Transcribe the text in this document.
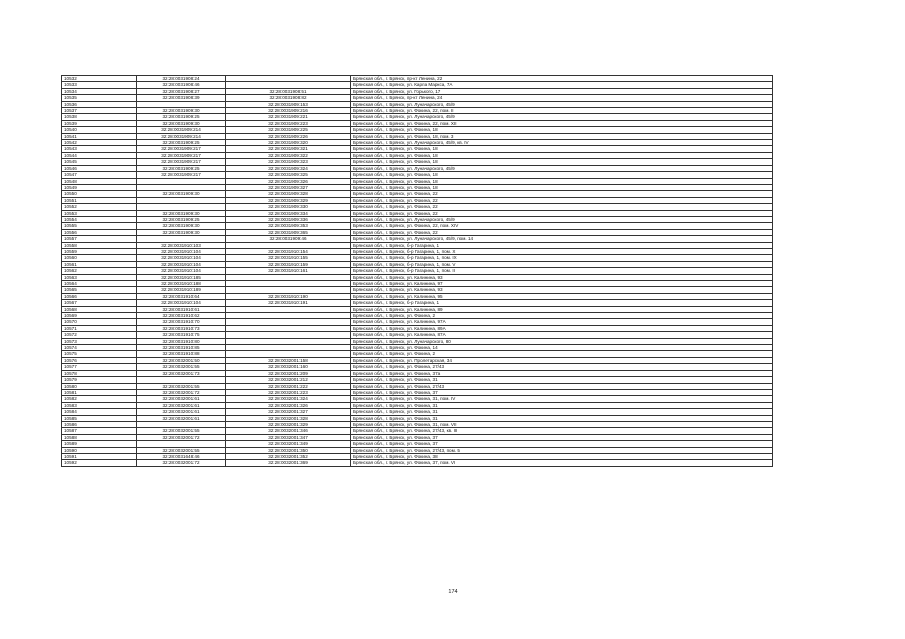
10532	32:28:0031908:24		Брянская обл., г. Брянск, пр-кт Ленина, 22
10533	32:28:0031908:46		Брянская обл., г. Брянск, ул. Карла Маркса, 7А
10534	32:28:0031908:27	32:28:0031908:51	Брянская обл., г. Брянск, ул. Горького, 17
10535	32:28:0031908:39	32:28:0031908:82	Брянская обл., г. Брянск, пр-кт Ленина, 24
10536		32:28:0031909:153	Брянская обл., г. Брянск, ул. Луначарского, 45/9
10537	32:28:0031909:30	32:28:0031909:216	Брянская обл., г. Брянск, ул. Фокина, 22, пом. II
10538	32:28:0031909:25	32:28:0031909:221	Брянская обл., г. Брянск, ул. Луначарского, 45/9
10539	32:28:0031909:30	32:28:0031909:223	Брянская обл., г. Брянск, ул. Фокина, 22, пом. XII
10540	32:28:0031909:214	32:28:0031909:225	Брянская обл., г. Брянск, ул. Фокина, 18
10541	32:28:0031909:214	32:28:0031909:226	Брянская обл., г. Брянск, ул. Фокина, 18, пом. 3
10542	32:28:0031909:25	32:28:0031909:320	Брянская обл., г. Брянск, ул. Луначарского, 45/9, кв. IV
10543	32:28:0031909:217	32:28:0031909:321	Брянская обл., г. Брянск, ул. Фокина, 18
10544	32:28:0031909:217	32:28:0031909:322	Брянская обл., г. Брянск, ул. Фокина, 18
10545	32:28:0031909:217	32:28:0031909:323	Брянская обл., г. Брянск, ул. Фокина, 18
10546	32:28:0031909:25	32:28:0031909:324	Брянская обл., г. Брянск, ул. Луначарского, 45/9
10547	32:28:0031909:217	32:28:0031909:325	Брянская обл., г. Брянск, ул. Фокина, 18
10548		32:28:0031909:326	Брянская обл., г. Брянск, ул. Фокина, 18
10549		32:28:0031909:327	Брянская обл., г. Брянск, ул. Фокина, 18
10550	32:28:0031909:30	32:28:0031909:328	Брянская обл., г. Брянск, ул. Фокина, 22
10551		32:28:0031909:329	Брянская обл., г. Брянск, ул. Фокина, 22
10552		32:28:0031909:330	Брянская обл., г. Брянск, ул. Фокина, 22
10553	32:28:0031909:30	32:28:0031909:334	Брянская обл., г. Брянск, ул. Фокина, 22
10554	32:28:0031909:25	32:28:0031909:336	Брянская обл., г. Брянск, ул. Луначарского, 45/9
10555	32:28:0031909:30	32:28:0031909:353	Брянская обл., г. Брянск, ул. Фокина, 22, пом. XIV
10556	32:28:0031909:30	32:28:0031909:365	Брянская обл., г. Брянск, ул. Фокина, 22
10557		32:28:0031909:46	Брянская обл., г. Брянск, ул. Луначарского, 45/9, пом. 14
10558	32:28:0031910:103		Брянская обл., г. Брянск, б-р Гагарина, 1
10559	32:28:0031910:104	32:28:0031910:154	Брянская обл., г. Брянск, б-р Гагарина, 1, пом. X
10560	32:28:0031910:104	32:28:0031910:155	Брянская обл., г. Брянск, б-р Гагарина, 1, пом. IX
10561	32:28:0031910:104	32:28:0031910:159	Брянская обл., г. Брянск, б-р Гагарина, 1, пом. V
10562	32:28:0031910:104	32:28:0031910:161	Брянская обл., г. Брянск, б-р Гагарина, 1, пом. II
10563	32:28:0031910:185		Брянская обл., г. Брянск, ул. Калинина, 93
10564	32:28:0031910:188		Брянская обл., г. Брянск, ул. Калинина, 97
10565	32:28:0031910:189		Брянская обл., г. Брянск, ул. Калинина, 93
10566	32:28:0031910:64	32:28:0031910:190	Брянская обл., г. Брянск, ул. Калинина, 95
10567	32:28:0031910:104	32:28:0031910:191	Брянская обл., г. Брянск, б-р Гагарина, 1
10568	32:28:0031910:61		Брянская обл., г. Брянск, ул. Калинина, 89
10569	32:28:0031910:62		Брянская обл., г. Брянск, ул. Фокина, 2
10570	32:28:0031910:70		Брянская обл., г. Брянск, ул. Калинина, 97А
10571	32:28:0031910:73		Брянская обл., г. Брянск, ул. Калинина, 89А
10572	32:28:0031910:75		Брянская обл., г. Брянск, ул. Калинина, 87А
10573	32:28:0031910:80		Брянская обл., г. Брянск, ул. Луначарского, 80
10574	32:28:0031910:85		Брянская обл., г. Брянск, ул. Фокина, 14
10575	32:28:0031910:88		Брянская обл., г. Брянск, ул. Фокина, 2
10576	32:28:0032001:50	32:28:0032001:158	Брянская обл., г. Брянск, ул. Пролетарская, 34
10577	32:28:0032001:55	32:28:0032001:160	Брянская обл., г. Брянск, ул. Фокина, 27/43
10578	32:28:0032001:73	32:28:0032001:209	Брянская обл., г. Брянск, ул. Фокина, 37а
10579		32:28:0032001:212	Брянская обл., г. Брянск, ул. Фокина, 31
10580	32:28:0032001:55	32:28:0032001:222	Брянская обл., г. Брянск, ул. Фокина, 27/43
10581	32:28:0032001:72	32:28:0032001:223	Брянская обл., г. Брянск, ул. Фокина, 37
10582	32:28:0032001:61	32:28:0032001:324	Брянская обл., г. Брянск, ул. Фокина, 31, пом. IV
10583	32:28:0032001:61	32:28:0032001:326	Брянская обл., г. Брянск, ул. Фокина, 31
10584	32:28:0032001:61	32:28:0032001:327	Брянская обл., г. Брянск, ул. Фокина, 31
10585	32:28:0032001:61	32:28:0032001:328	Брянская обл., г. Брянск, ул. Фокина, 31
10586		32:28:0032001:329	Брянская обл., г. Брянск, ул. Фокина, 31, пом. VII
10587	32:28:0032001:55	32:28:0032001:346	Брянская обл., г. Брянск, ул. Фокина, 27/43, кв. III
10588	32:28:0032001:72	32:28:0032001:347	Брянская обл., г. Брянск, ул. Фокина, 37
10589		32:28:0032001:349	Брянская обл., г. Брянск, ул. Фокина, 37
10590	32:28:0032001:55	32:28:0032001:350	Брянская обл., г. Брянск, ул. Фокина, 27/43, пом. 5
10591	32:28:0031648:46	32:28:0032001:352	Брянская обл., г. Брянск, ул. Фокина, 38
10592	32:28:0032001:72	32:28:0032001:369	Брянская обл., г. Брянск, ул. Фокина, 37, пом. VI
174
